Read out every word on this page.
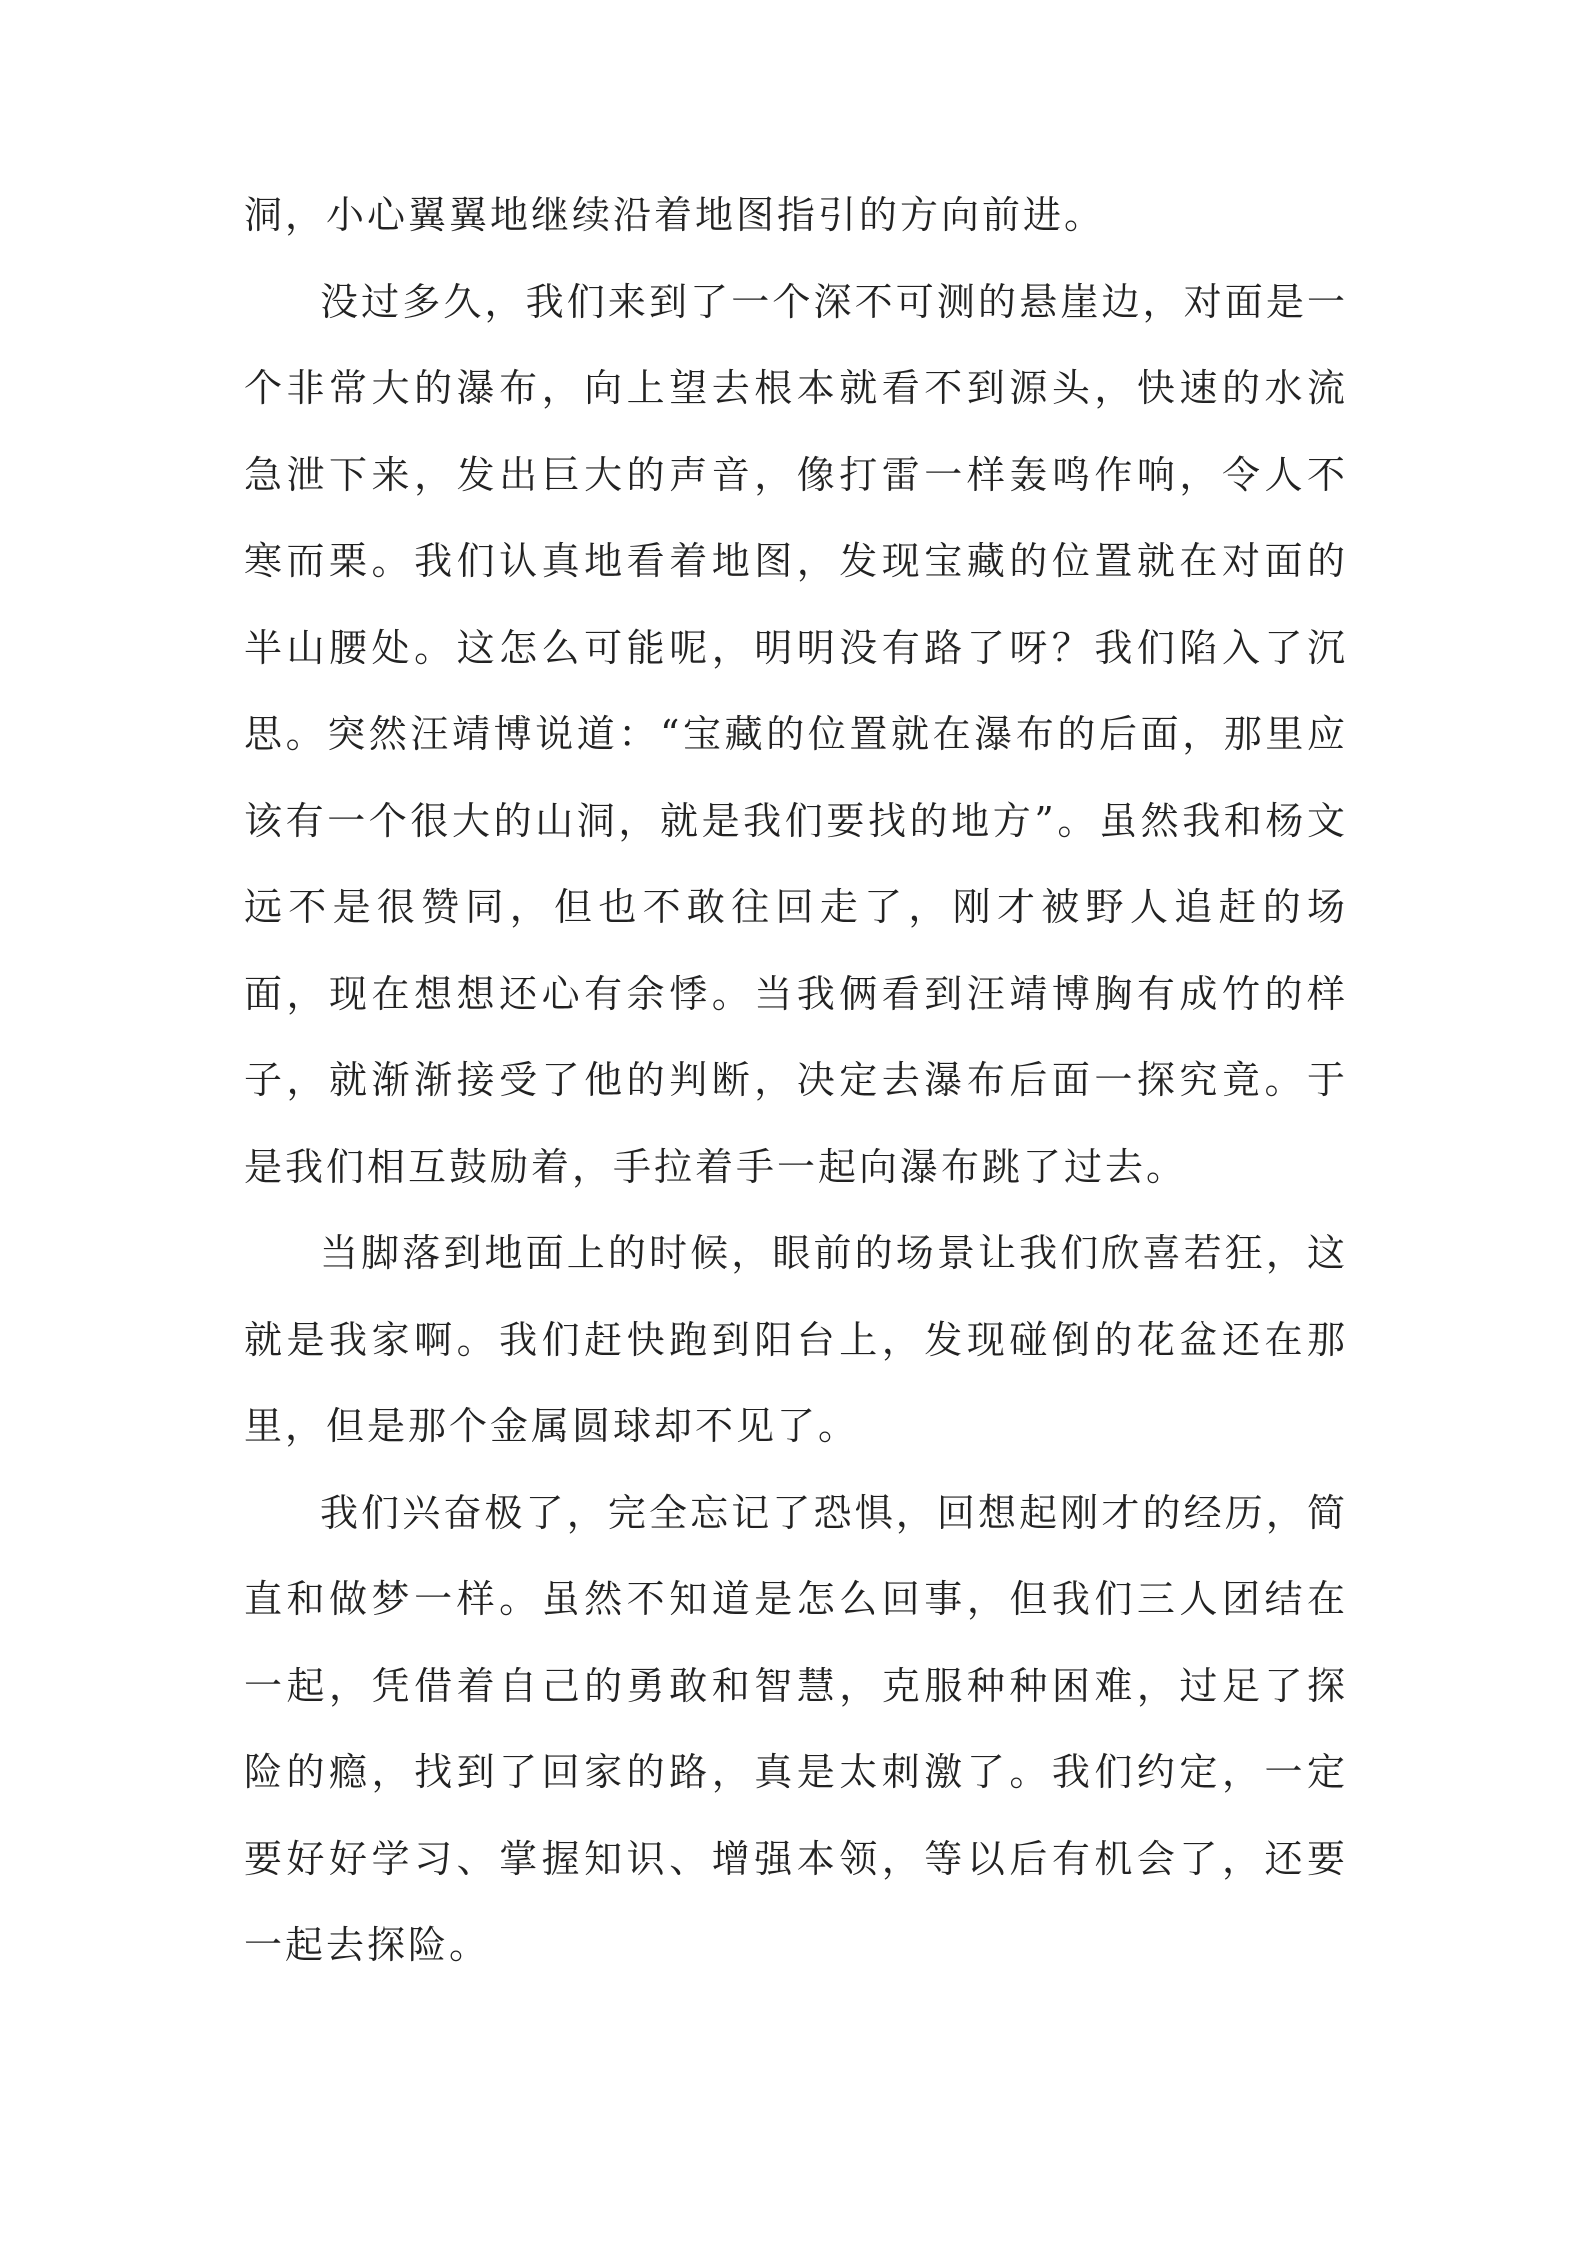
洞，小心翼翼地继续沿着地图指引的方向前进。

没过多久，我们来到了一个深不可测的悬崖边，对面是一个非常大的瀑布，向上望去根本就看不到源头，快速的水流急泄下来，发出巨大的声音，像打雷一样轰鸣作响，令人不寒而栗。我们认真地看着地图，发现宝藏的位置就在对面的半山腰处。这怎么可能呢，明明没有路了呀？我们陷入了沉思。突然汪靖博说道：“宝藏的位置就在瀑布的后面，那里应该有一个很大的山洞，就是我们要找的地方”。虽然我和杨文远不是很赞同，但也不敢往回走了，刚才被野人追赶的场面，现在想想还心有余悸。当我俩看到汪靖博胸有成竹的样子，就渐渐接受了他的判断，决定去瀑布后面一探究竟。于是我们相互鼓励着，手拉着手一起向瀑布跳了过去。

当脚落到地面上的时候，眼前的场景让我们欣喜若狂，这就是我家啊。我们赶快跑到阳台上，发现碰倒的花盆还在那里，但是那个金属圆球却不见了。

我们兴奋极了，完全忘记了恐惧，回想起刚才的经历，简直和做梦一样。虽然不知道是怎么回事，但我们三人团结在一起，凭借着自己的勇敢和智慧，克服种种困难，过足了探险的瘾，找到了回家的路，真是太刺激了。我们约定，一定要好好学习、掌握知识、增强本领，等以后有机会了，还要一起去探险。
